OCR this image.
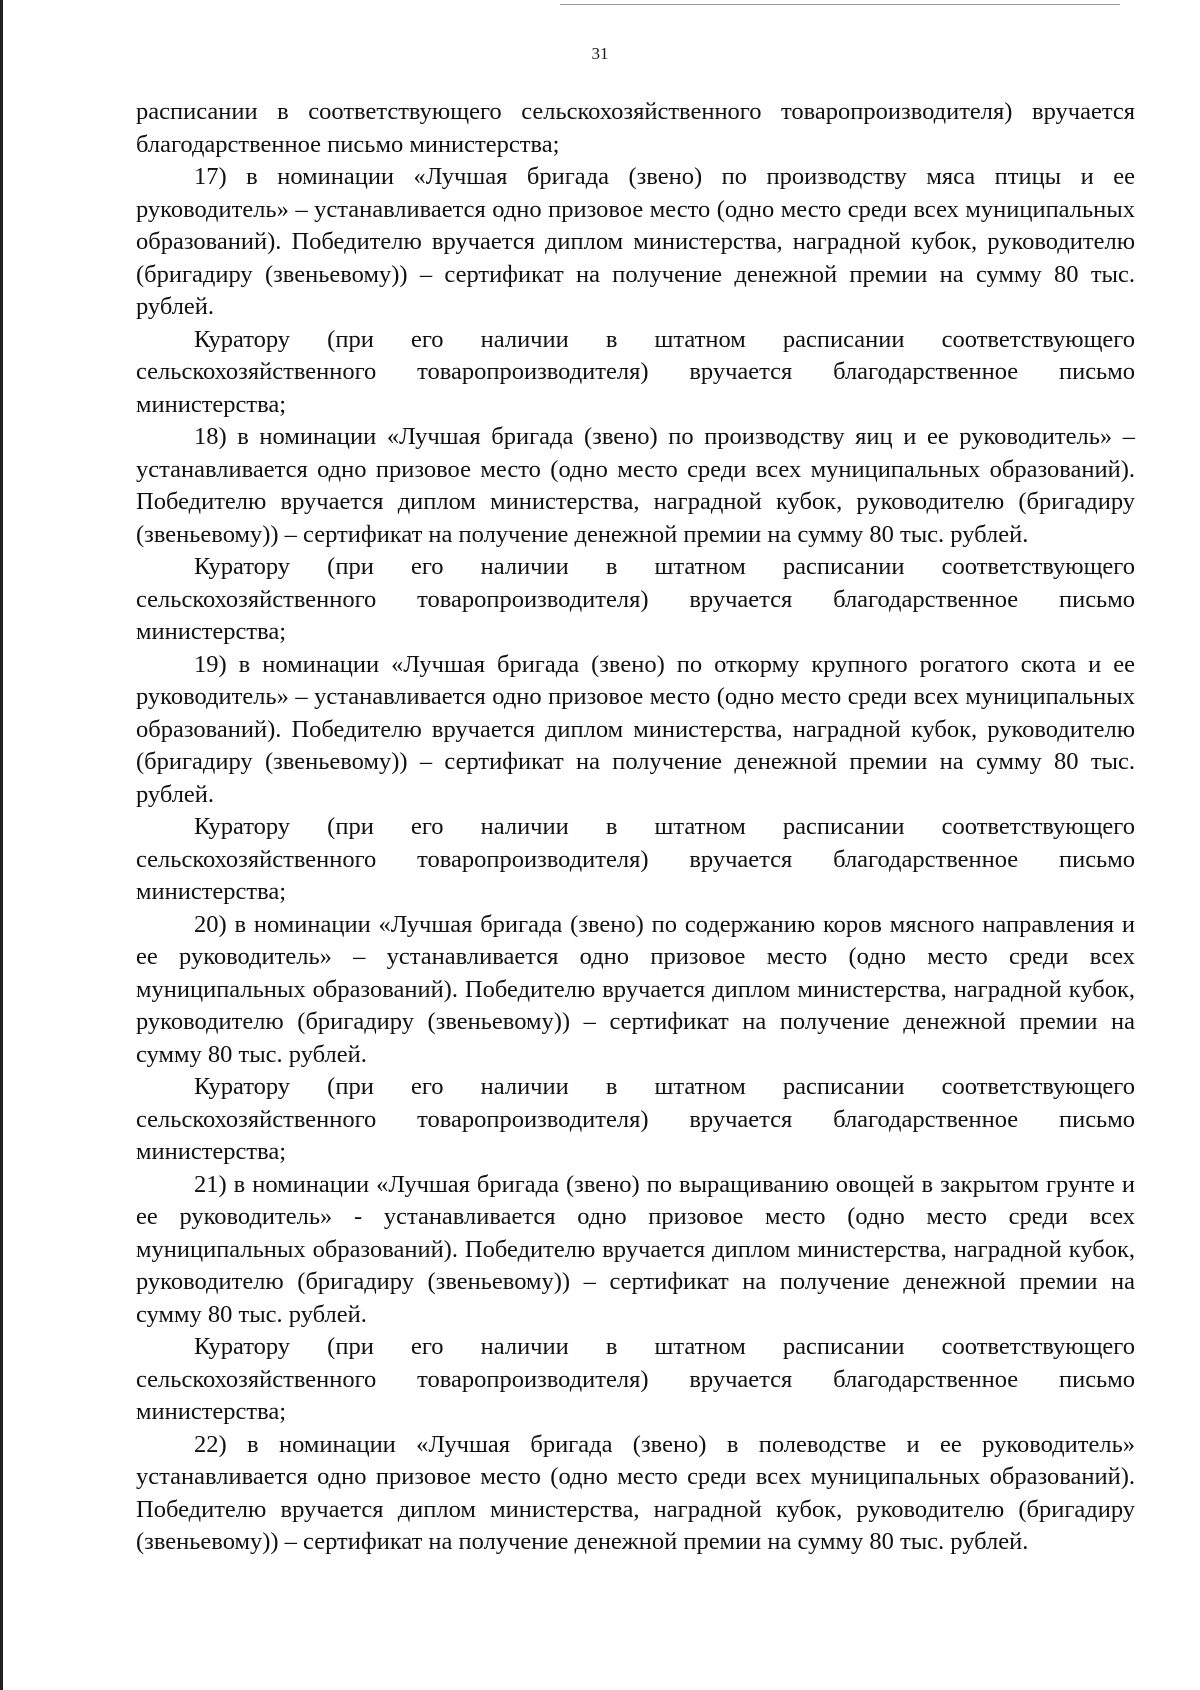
31

расписании в соответствующего сельскохозяйственного товаропроизводителя) вручается благодарственное письмо министерства;

17) в номинации «Лучшая бригада (звено) по производству мяса птицы и ее руководитель» – устанавливается одно призовое место (одно место среди всех муниципальных образований). Победителю вручается диплом министерства, наградной кубок, руководителю (бригадиру (звеньевому)) – сертификат на получение денежной премии на сумму 80 тыс. рублей.

Куратору (при его наличии в штатном расписании соответствующего сельскохозяйственного товаропроизводителя) вручается благодарственное письмо министерства;

18) в номинации «Лучшая бригада (звено) по производству яиц и ее руководитель» – устанавливается одно призовое место (одно место среди всех муниципальных образований). Победителю вручается диплом министерства, наградной кубок, руководителю (бригадиру (звеньевому)) – сертификат на получение денежной премии на сумму 80 тыс. рублей.

Куратору (при его наличии в штатном расписании соответствующего сельскохозяйственного товаропроизводителя) вручается благодарственное письмо министерства;

19) в номинации «Лучшая бригада (звено) по откорму крупного рогатого скота и ее руководитель» – устанавливается одно призовое место (одно место среди всех муниципальных образований). Победителю вручается диплом министерства, наградной кубок, руководителю (бригадиру (звеньевому)) – сертификат на получение денежной премии на сумму 80 тыс. рублей.

Куратору (при его наличии в штатном расписании соответствующего сельскохозяйственного товаропроизводителя) вручается благодарственное письмо министерства;

20) в номинации «Лучшая бригада (звено) по содержанию коров мясного направления и ее руководитель» – устанавливается одно призовое место (одно место среди всех муниципальных образований). Победителю вручается диплом министерства, наградной кубок, руководителю (бригадиру (звеньевому)) – сертификат на получение денежной премии на сумму 80 тыс. рублей.

Куратору (при его наличии в штатном расписании соответствующего сельскохозяйственного товаропроизводителя) вручается благодарственное письмо министерства;

21) в номинации «Лучшая бригада (звено) по выращиванию овощей в закрытом грунте и ее руководитель» - устанавливается одно призовое место (одно место среди всех муниципальных образований). Победителю вручается диплом министерства, наградной кубок, руководителю (бригадиру (звеньевому)) – сертификат на получение денежной премии на сумму 80 тыс. рублей.

Куратору (при его наличии в штатном расписании соответствующего сельскохозяйственного товаропроизводителя) вручается благодарственное письмо министерства;

22) в номинации «Лучшая бригада (звено) в полеводстве и ее руководитель» устанавливается одно призовое место (одно место среди всех муниципальных образований). Победителю вручается диплом министерства, наградной кубок, руководителю (бригадиру (звеньевому)) – сертификат на получение денежной премии на сумму 80 тыс. рублей.
